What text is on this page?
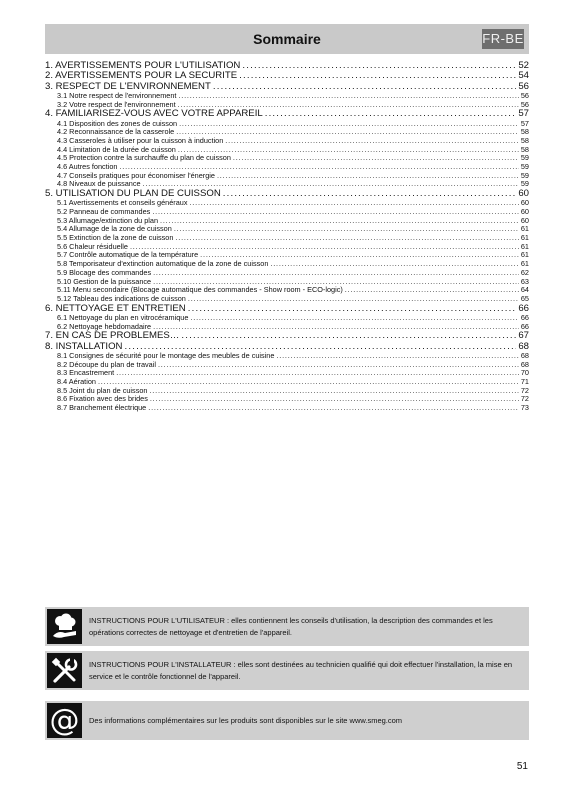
Sommaire	FR-BE
1. AVERTISSEMENTS POUR L'UTILISATION .....	52
2. AVERTISSEMENTS POUR LA SECURITE .....	54
3. RESPECT DE L'ENVIRONNEMENT .....	56
3.1 Notre respect de l'environnement .....	56
3.2 Votre respect de l'environnement .....	56
4. FAMILIARISEZ-VOUS AVEC VOTRE APPAREIL .....	57
4.1 Disposition des zones de cuisson .....	57
4.2 Reconnaissance de la casserole .....	58
4.3 Casseroles à utiliser pour la cuisson à induction .....	58
4.4 Limitation de la durée de cuisson .....	58
4.5 Protection contre la surchauffe du plan de cuisson .....	59
4.6 Autres fonction .....	59
4.7 Conseils pratiques pour économiser l'énergie .....	59
4.8 Niveaux de puissance .....	59
5. UTILISATION DU PLAN DE CUISSON .....	60
5.1 Avertissements et conseils généraux .....	60
5.2 Panneau de commandes .....	60
5.3 Allumage/extinction du plan .....	60
5.4 Allumage de la zone de cuisson .....	61
5.5 Extinction de la zone de cuisson .....	61
5.6 Chaleur résiduelle .....	61
5.7 Contrôle automatique de la température .....	61
5.8 Temporisateur d'extinction automatique de la zone de cuisson .....	61
5.9 Blocage des commandes .....	62
5.10 Gestion de la puissance .....	63
5.11 Menu secondaire (Blocage automatique des commandes - Show room - ECO-logic) .....	64
5.12 Tableau des indications de cuisson .....	65
6. NETTOYAGE ET ENTRETIEN .....	66
6.1 Nettoyage du plan en vitrocéramique .....	66
6.2 Nettoyage hebdomadaire .....	66
7. EN CAS DE PROBLEMES… .....	67
8. INSTALLATION .....	68
8.1 Consignes de sécurité pour le montage des meubles de cuisine .....	68
8.2 Découpe du plan de travail .....	68
8.3 Encastrement .....	70
8.4 Aération .....	71
8.5 Joint du plan de cuisson .....	72
8.6 Fixation avec des brides .....	72
8.7 Branchement électrique .....	73
INSTRUCTIONS POUR L'UTILISATEUR : elles contiennent les conseils d'utilisation, la description des commandes et les opérations correctes de nettoyage et d'entretien de l'appareil.
INSTRUCTIONS POUR L'INSTALLATEUR : elles sont destinées au technicien qualifié qui doit effectuer l'installation, la mise en service et le contrôle fonctionnel de l'appareil.
@ Des informations complémentaires sur les produits sont disponibles sur le site www.smeg.com
51
